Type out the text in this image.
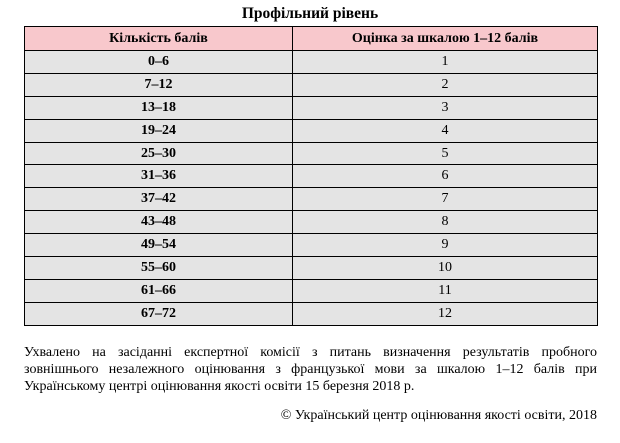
Профільний рівень
Кількість балів	Оцінка за шкалою 1–12 балів
0–6	1
7–12	2
13–18	3
19–24	4
25–30	5
31–36	6
37–42	7
43–48	8
49–54	9
55–60	10
61–66	11
67–72	12
Ухвалено на засіданні експертної комісії з питань визначення результатів пробного зовнішнього незалежного оцінювання з французької мови за шкалою 1–12 балів при Українському центрі оцінювання якості освіти 15 березня 2018 р.
© Український центр оцінювання якості освіти, 2018
